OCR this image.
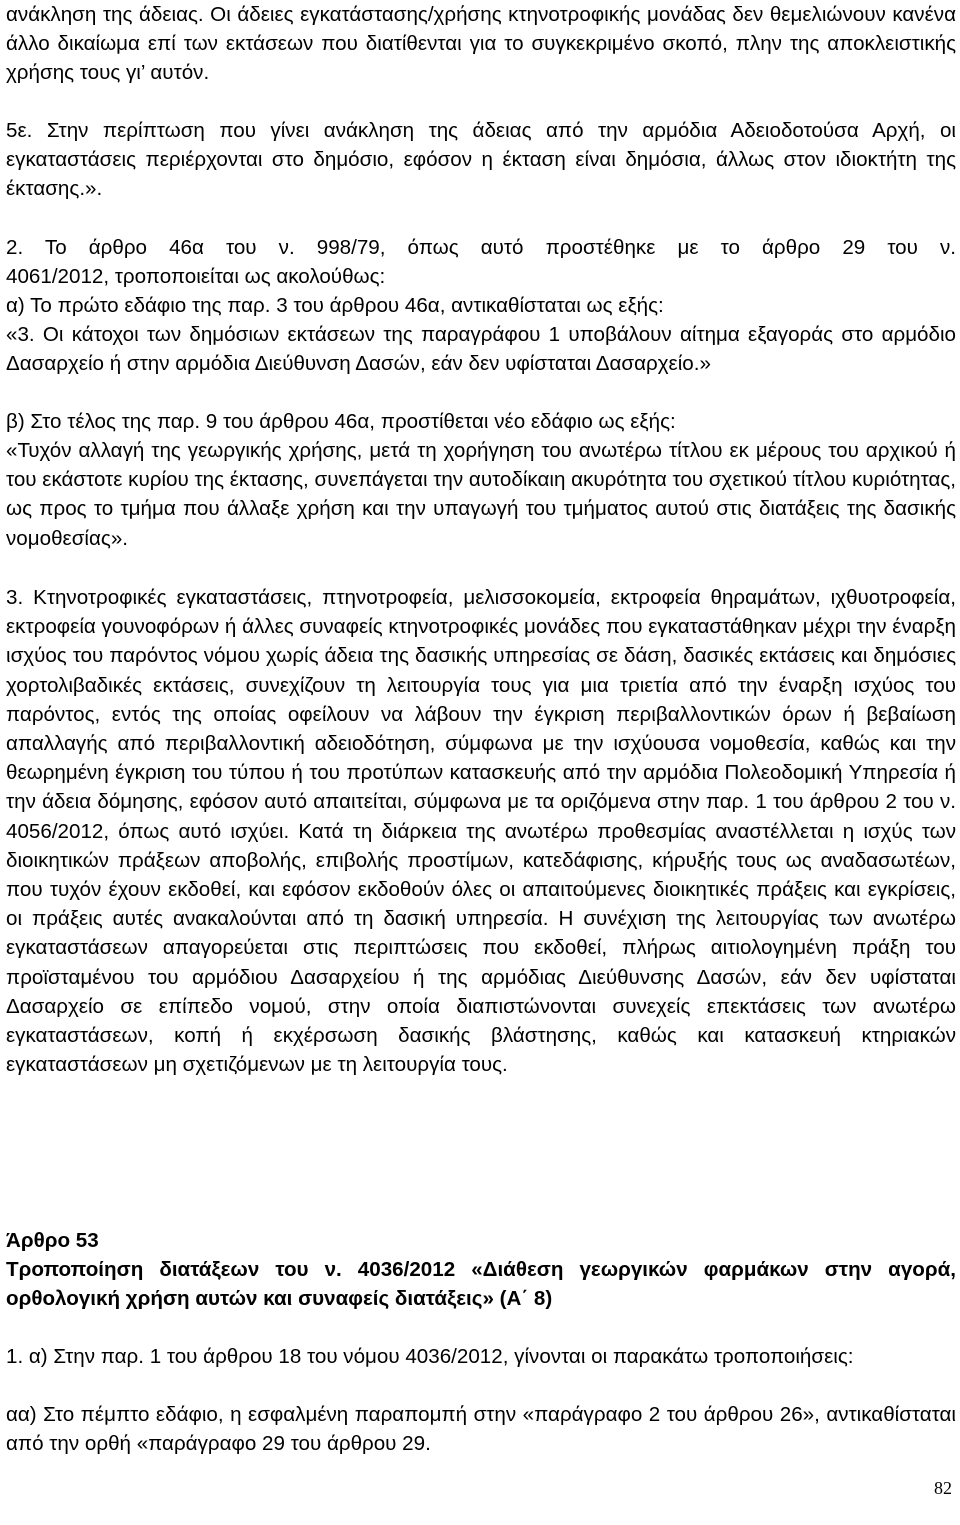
ανάκληση της άδειας. Οι άδειες εγκατάστασης/χρήσης κτηνοτροφικής μονάδας δεν θεμελιώνουν κανένα άλλο δικαίωμα επί των εκτάσεων που διατίθενται για το συγκεκριμένο σκοπό, πλην της αποκλειστικής χρήσης τους γι’ αυτόν.
5ε. Στην περίπτωση που γίνει ανάκληση της άδειας από την αρμόδια Αδειοδοτούσα Αρχή, οι εγκαταστάσεις περιέρχονται στο δημόσιο, εφόσον η έκταση είναι δημόσια, άλλως στον ιδιοκτήτη της έκτασης.».
2. Το άρθρο 46α του ν. 998/79, όπως αυτό προστέθηκε με το άρθρο 29 του ν.
4061/2012, τροποποιείται ως ακολούθως:
α) Το πρώτο εδάφιο της παρ. 3 του άρθρου 46α, αντικαθίσταται ως εξής:
«3. Οι κάτοχοι των δημόσιων εκτάσεων της παραγράφου 1 υποβάλουν αίτημα εξαγοράς στο αρμόδιο Δασαρχείο ή στην αρμόδια Διεύθυνση Δασών, εάν δεν υφίσταται Δασαρχείο.»
β) Στο τέλος της παρ. 9 του άρθρου 46α, προστίθεται νέο εδάφιο ως εξής:
«Τυχόν αλλαγή της γεωργικής χρήσης, μετά τη χορήγηση του ανωτέρω τίτλου εκ μέρους του αρχικού ή του εκάστοτε κυρίου της έκτασης, συνεπάγεται την αυτοδίκαιη ακυρότητα του σχετικού τίτλου κυριότητας, ως προς το τμήμα που άλλαξε χρήση και την υπαγωγή του τμήματος αυτού στις διατάξεις της δασικής νομοθεσίας».
3. Κτηνοτροφικές εγκαταστάσεις, πτηνοτροφεία, μελισσοκομεία, εκτροφεία θηραμάτων, ιχθυοτροφεία, εκτροφεία γουνοφόρων ή άλλες συναφείς κτηνοτροφικές μονάδες που εγκαταστάθηκαν μέχρι την έναρξη ισχύος του παρόντος νόμου χωρίς άδεια της δασικής υπηρεσίας σε δάση, δασικές εκτάσεις και δημόσιες χορτολιβαδικές εκτάσεις, συνεχίζουν τη λειτουργία τους για μια τριετία από την έναρξη ισχύος του παρόντος, εντός της οποίας οφείλουν να λάβουν την έγκριση περιβαλλοντικών όρων ή βεβαίωση απαλλαγής από περιβαλλοντική αδειοδότηση, σύμφωνα με την ισχύουσα νομοθεσία, καθώς και την θεωρημένη έγκριση του τύπου ή του προτύπων κατασκευής από την αρμόδια Πολεοδομική Υπηρεσία ή την άδεια δόμησης, εφόσον αυτό απαιτείται, σύμφωνα με τα οριζόμενα στην παρ. 1 του άρθρου 2 του ν. 4056/2012, όπως αυτό ισχύει. Κατά τη διάρκεια της ανωτέρω προθεσμίας αναστέλλεται η ισχύς των διοικητικών πράξεων αποβολής, επιβολής προστίμων, κατεδάφισης, κήρυξής τους ως αναδασωτέων, που τυχόν έχουν εκδοθεί, και εφόσον εκδοθούν όλες οι απαιτούμενες διοικητικές πράξεις και εγκρίσεις, οι πράξεις αυτές ανακαλούνται από τη δασική υπηρεσία. Η συνέχιση της λειτουργίας των ανωτέρω εγκαταστάσεων απαγορεύεται στις περιπτώσεις που εκδοθεί, πλήρως αιτιολογημένη πράξη του προϊσταμένου του αρμόδιου Δασαρχείου ή της αρμόδιας Διεύθυνσης Δασών, εάν δεν υφίσταται Δασαρχείο σε επίπεδο νομού, στην οποία διαπιστώνονται συνεχείς επεκτάσεις των ανωτέρω εγκαταστάσεων, κοπή ή εκχέρσωση δασικής βλάστησης, καθώς και κατασκευή κτηριακών εγκαταστάσεων μη σχετιζόμενων με τη λειτουργία τους.
Άρθρο 53
Τροποποίηση διατάξεων του ν. 4036/2012 «Διάθεση γεωργικών φαρμάκων στην αγορά, ορθολογική χρήση αυτών και συναφείς διατάξεις» (Α΄ 8)
1. α) Στην παρ. 1 του άρθρου 18 του νόμου 4036/2012, γίνονται οι παρακάτω τροποποιήσεις:
αα) Στο πέμπτο εδάφιο, η εσφαλμένη παραπομπή στην «παράγραφο 2 του άρθρου 26», αντικαθίσταται από την ορθή «παράγραφο 29 του άρθρου 29.
82
